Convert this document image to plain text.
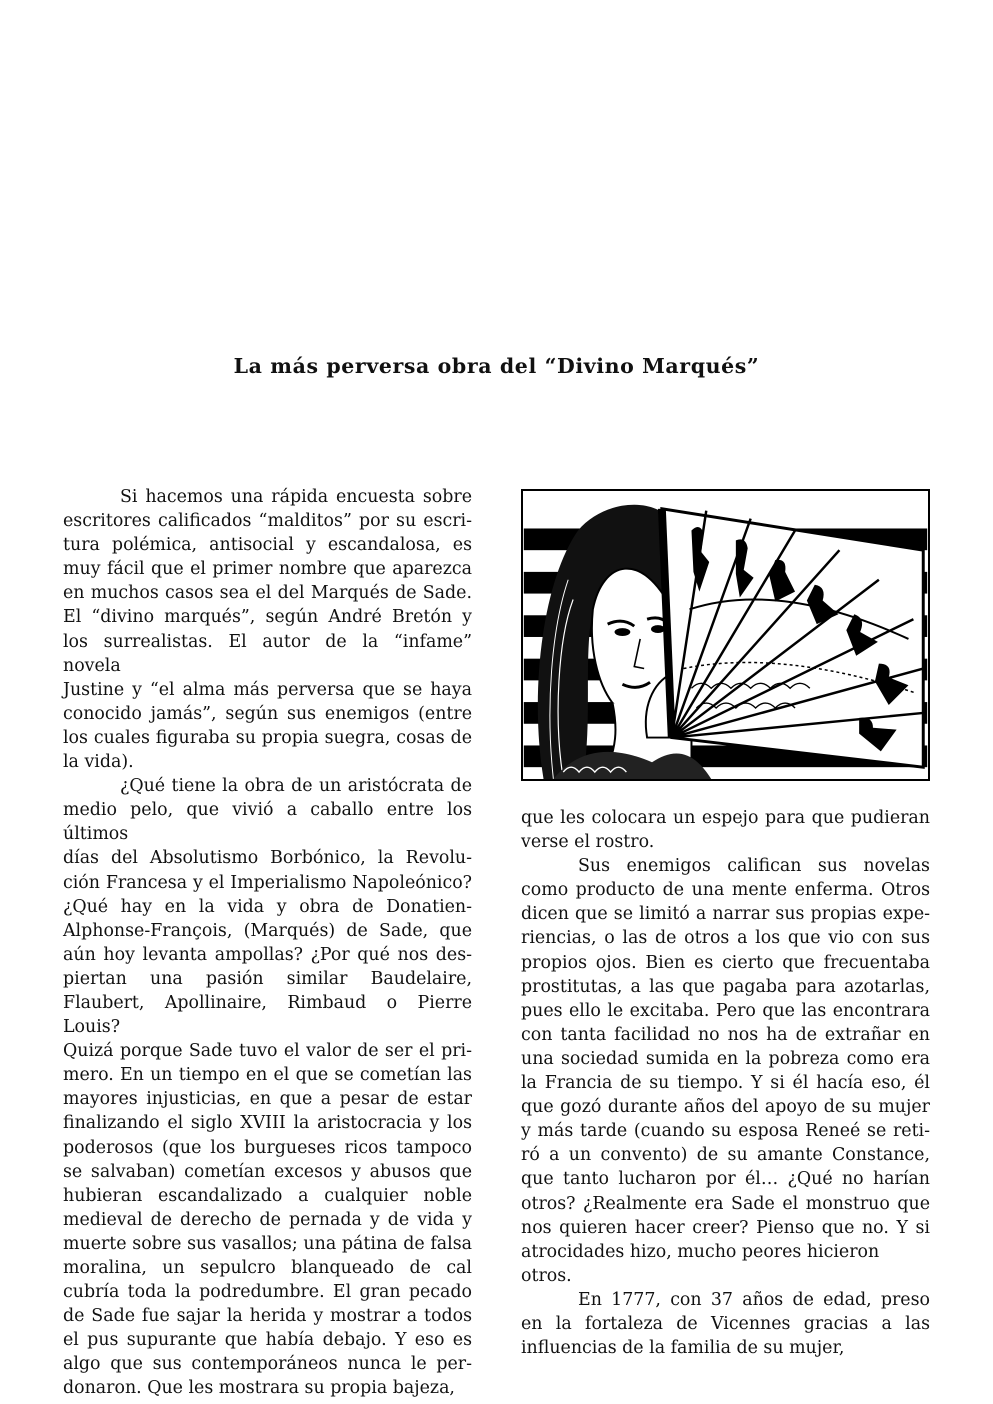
La más perversa obra del “Divino Marqués”

Si hacemos una rápida encuesta sobre
escritores calificados “malditos” por su escri-
tura polémica, antisocial y escandalosa, es
muy fácil que el primer nombre que aparezca
en muchos casos sea el del Marqués de Sade.
El “divino marqués”, según André Bretón y
los surrealistas. El autor de la “infame” novela
Justine y “el alma más perversa que se haya
conocido jamás”, según sus enemigos (entre
los cuales figuraba su propia suegra, cosas de
la vida).

¿Qué tiene la obra de un aristócrata de
medio pelo, que vivió a caballo entre los últimos
días del Absolutismo Borbónico, la Revolu-
ción Francesa y el Imperialismo Napoleónico?
¿Qué hay en la vida y obra de Donatien-
Alphonse-François, (Marqués) de Sade, que
aún hoy levanta ampollas? ¿Por qué nos des-
piertan una pasión similar Baudelaire,
Flaubert, Apollinaire, Rimbaud o Pierre Louis?
Quizá porque Sade tuvo el valor de ser el pri-
mero. En un tiempo en el que se cometían las
mayores injusticias, en que a pesar de estar
finalizando el siglo XVIII la aristocracia y los
poderosos (que los burgueses ricos tampoco
se salvaban) cometían excesos y abusos que
hubieran escandalizado a cualquier noble
medieval de derecho de pernada y de vida y
muerte sobre sus vasallos; una pátina de falsa
moralina, un sepulcro blanqueado de cal
cubría toda la podredumbre. El gran pecado
de Sade fue sajar la herida y mostrar a todos
el pus supurante que había debajo. Y eso es
algo que sus contemporáneos nunca le per-
donaron. Que les mostrara su propia bajeza,

que les colocara un espejo para que pudieran
verse el rostro.

Sus enemigos califican sus novelas
como producto de una mente enferma. Otros
dicen que se limitó a narrar sus propias expe-
riencias, o las de otros a los que vio con sus
propios ojos. Bien es cierto que frecuentaba
prostitutas, a las que pagaba para azotarlas,
pues ello le excitaba. Pero que las encontrara
con tanta facilidad no nos ha de extrañar en
una sociedad sumida en la pobreza como era
la Francia de su tiempo. Y si él hacía eso, él
que gozó durante años del apoyo de su mujer
y más tarde (cuando su esposa Reneé se reti-
ró a un convento) de su amante Constance,
que tanto lucharon por él… ¿Qué no harían
otros? ¿Realmente era Sade el monstruo que
nos quieren hacer creer? Pienso que no. Y si
atrocidades hizo, mucho peores hicieron otros.

En 1777, con 37 años de edad, preso
en la fortaleza de Vicennes gracias a las
influencias de la familia de su mujer,
